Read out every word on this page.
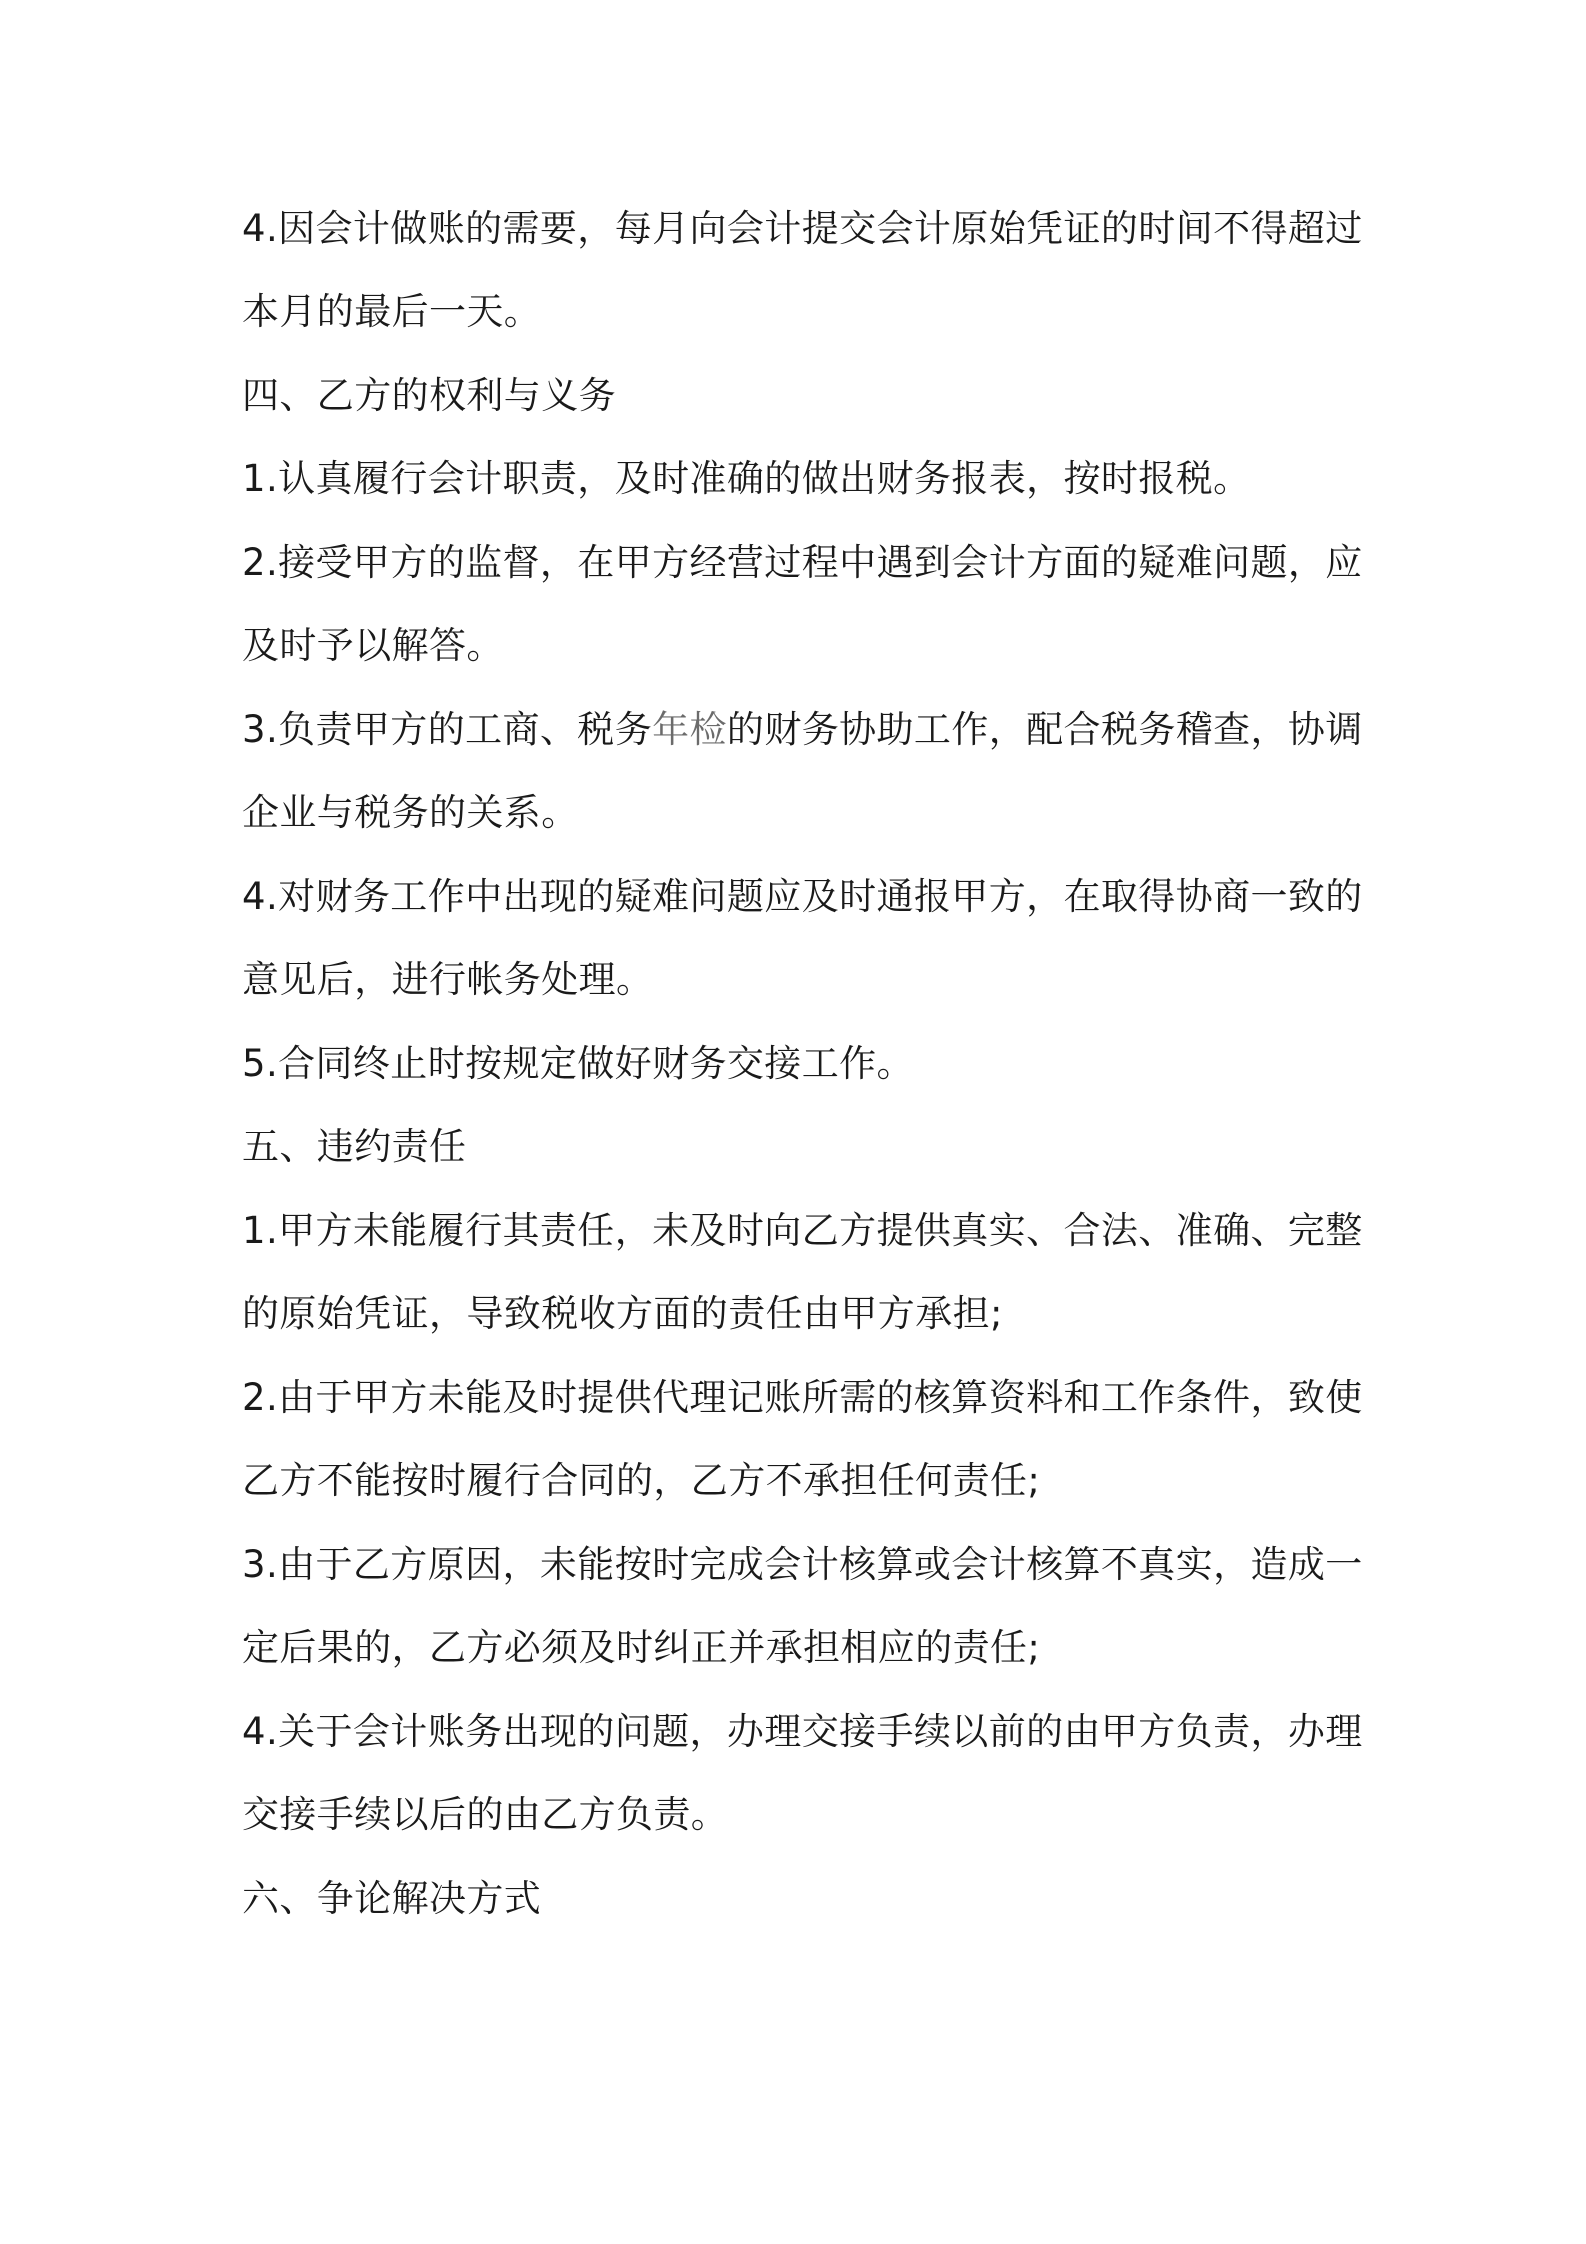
4.因会计做账的需要，每月向会计提交会计原始凭证的时间不得超过
本月的最后一天。
四、乙方的权利与义务
1.认真履行会计职责，及时准确的做出财务报表，按时报税。
2.接受甲方的监督，在甲方经营过程中遇到会计方面的疑难问题，应
及时予以解答。
3.负责甲方的工商、税务年检的财务协助工作，配合税务稽查，协调
企业与税务的关系。
4.对财务工作中出现的疑难问题应及时通报甲方，在取得协商一致的
意见后，进行帐务处理。
5.合同终止时按规定做好财务交接工作。
五、违约责任
1.甲方未能履行其责任，未及时向乙方提供真实、合法、准确、完整
的原始凭证，导致税收方面的责任由甲方承担;
2.由于甲方未能及时提供代理记账所需的核算资料和工作条件，致使
乙方不能按时履行合同的，乙方不承担任何责任;
3.由于乙方原因，未能按时完成会计核算或会计核算不真实，造成一
定后果的，乙方必须及时纠正并承担相应的责任;
4.关于会计账务出现的问题，办理交接手续以前的由甲方负责，办理
交接手续以后的由乙方负责。
六、争论解决方式
